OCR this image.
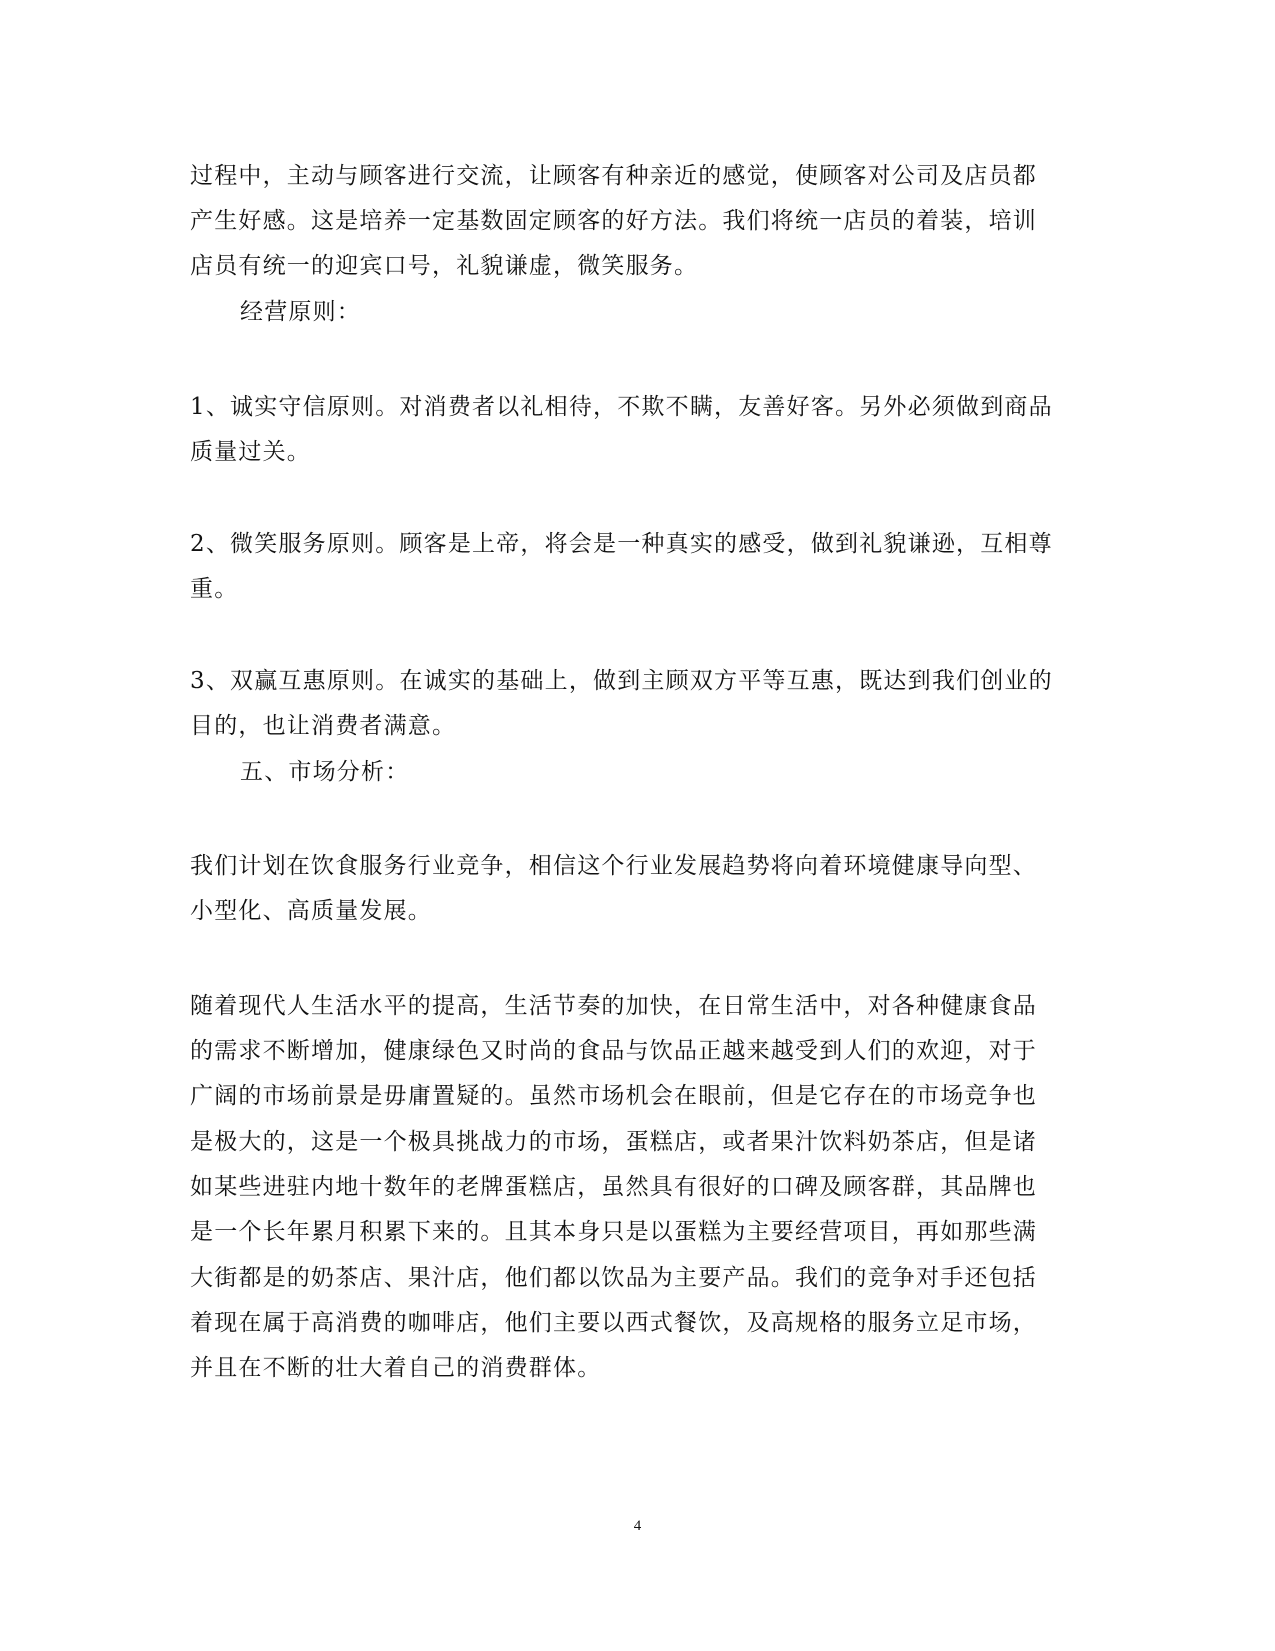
过程中，主动与顾客进行交流，让顾客有种亲近的感觉，使顾客对公司及店员都
产生好感。这是培养一定基数固定顾客的好方法。我们将统一店员的着装，培训
店员有统一的迎宾口号，礼貌谦虚，微笑服务。
经营原则：
1、诚实守信原则。对消费者以礼相待，不欺不瞒，友善好客。另外必须做到商品
质量过关。
2、微笑服务原则。顾客是上帝，将会是一种真实的感受，做到礼貌谦逊，互相尊
重。
3、双赢互惠原则。在诚实的基础上，做到主顾双方平等互惠，既达到我们创业的
目的，也让消费者满意。
五、市场分析：
我们计划在饮食服务行业竞争，相信这个行业发展趋势将向着环境健康导向型、
小型化、高质量发展。
随着现代人生活水平的提高，生活节奏的加快，在日常生活中，对各种健康食品
的需求不断增加，健康绿色又时尚的食品与饮品正越来越受到人们的欢迎，对于
广阔的市场前景是毋庸置疑的。虽然市场机会在眼前，但是它存在的市场竞争也
是极大的，这是一个极具挑战力的市场，蛋糕店，或者果汁饮料奶茶店，但是诸
如某些进驻内地十数年的老牌蛋糕店，虽然具有很好的口碑及顾客群，其品牌也
是一个长年累月积累下来的。且其本身只是以蛋糕为主要经营项目，再如那些满
大街都是的奶茶店、果汁店，他们都以饮品为主要产品。我们的竞争对手还包括
着现在属于高消费的咖啡店，他们主要以西式餐饮，及高规格的服务立足市场，
并且在不断的壮大着自己的消费群体。
4
